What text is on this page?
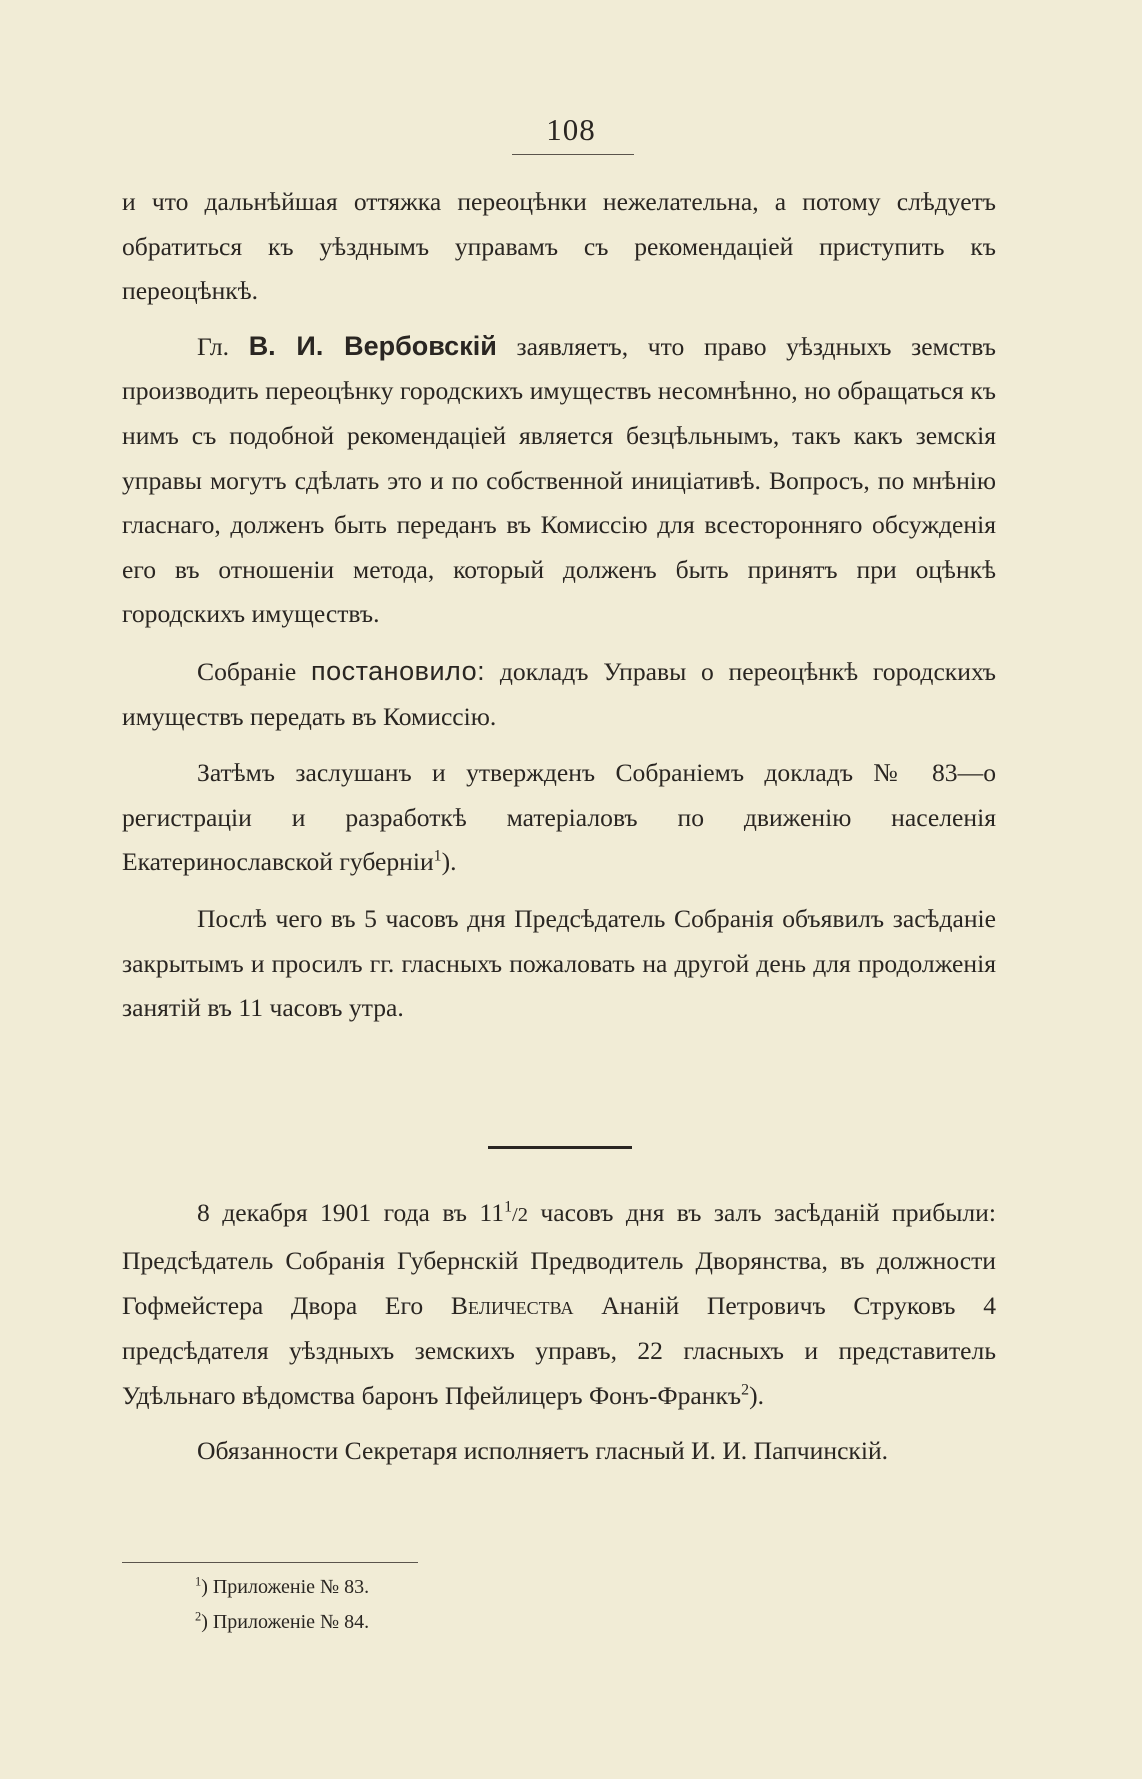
108

и что дальнѣйшая оттяжка переоцѣнки нежелательна, а потому слѣдуетъ обратиться къ уѣзднымъ управамъ съ рекомендаціей приступить къ переоцѣнкѣ.

Гл. В. И. Вербовскій заявляетъ, что право уѣздныхъ земствъ производить переоцѣнку городскихъ имуществъ несомнѣнно, но обращаться къ нимъ съ подобной рекомендаціей является безцѣльнымъ, такъ какъ земскія управы могутъ сдѣлать это и по собственной иниціативѣ. Вопросъ, по мнѣнію гласнаго, долженъ быть переданъ въ Комиссію для всесторонняго обсужденія его въ отношеніи метода, который долженъ быть принятъ при оцѣнкѣ городскихъ имуществъ.

Собраніе постановило: докладъ Управы о переоцѣнкѣ городскихъ имуществъ передать въ Комиссію.

Затѣмъ заслушанъ и утвержденъ Собраніемъ докладъ № 83—о регистраціи и разработкѣ матеріаловъ по движенію населенія Екатеринославской губерніи$^1$).

Послѣ чего въ 5 часовъ дня Предсѣдатель Собранія объявилъ засѣданіе закрытымъ и просилъ гг. гласныхъ пожаловать на другой день для продолженія занятій въ 11 часовъ утра.

8 декабря 1901 года въ $11^1/2$ часовъ дня въ залъ засѣданій прибыли: Предсѣдатель Собранія Губернскій Предводитель Дворянства, въ должности Гофмейстера Двора Его Величества Ананій Петровичъ Струковъ 4 предсѣдателя уѣздныхъ земскихъ управъ, 22 гласныхъ и представитель Удѣльнаго вѣдомства баронъ Пфейлицеръ Фонъ-Франкъ$^2$).

Обязанности Секретаря исполняетъ гласный И. И. Папчинскій.

$^1$) Приложеніе № 83.
$^2$) Приложеніе № 84.
